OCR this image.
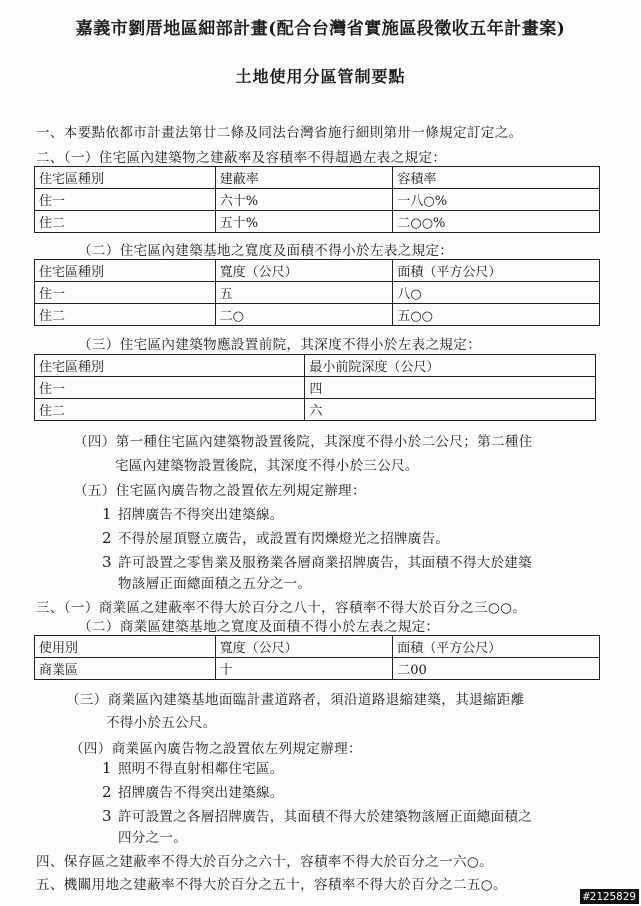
嘉義市劉厝地區細部計畫(配合台灣省實施區段徵收五年計畫案)
土地使用分區管制要點
一、本要點依都市計畫法第廿二條及同法台灣省施行細則第卅一條規定訂定之。
二、（一）住宅區內建築物之建蔽率及容積率不得超過左表之規定：
住宅區種別	建蔽率	容積率
住一	六十%	一八○%
住二	五十%	二○○%
（二）住宅區內建築基地之寬度及面積不得小於左表之規定：
住宅區種別	寬度（公尺）	面積（平方公尺）
住一	五	八○
住二	二○	五○○
（三）住宅區內建築物應設置前院，其深度不得小於左表之規定：
住宅區種別	最小前院深度（公尺）
住一	四
住二	六
（四）第一種住宅區內建築物設置後院，其深度不得小於二公尺；第二種住
宅區內建築物設置後院，其深度不得小於三公尺。
（五）住宅區內廣告物之設置依左列規定辦理：
1 招牌廣告不得突出建築線。
2 不得於屋頂豎立廣告，或設置有閃爍燈光之招牌廣告。
3 許可設置之零售業及服務業各層商業招牌廣告，其面積不得大於建築
物該層正面總面積之五分之一。
三、（一）商業區之建蔽率不得大於百分之八十，容積率不得大於百分之三○○。
（二）商業區建築基地之寬度及面積不得小於左表之規定：
使用別	寬度（公尺）	面積（平方公尺）
商業區	十	二00
（三）商業區內建築基地面臨計畫道路者，須沿道路退縮建築，其退縮距離
不得小於五公尺。
（四）商業區內廣告物之設置依左列規定辦理：
1 照明不得直射相鄰住宅區。
2 招牌廣告不得突出建築線。
3 許可設置之各層招牌廣告，其面積不得大於建築物該層正面總面積之
四分之一。
四、保存區之建蔽率不得大於百分之六十，容積率不得大於百分之一六○。
五、機關用地之建蔽率不得大於百分之五十，容積率不得大於百分之二五○。
#2125829
